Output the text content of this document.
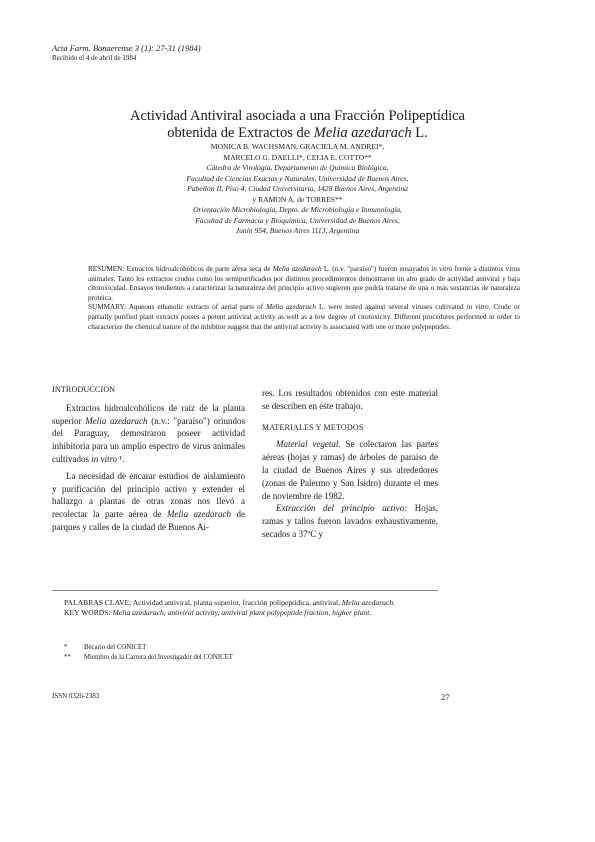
Acta Farm. Bonaerense 3 (1): 27-31 (1984)
Recibido el 4 de abril de 1984
Actividad Antiviral asociada a una Fracción Polipeptídica
obtenida de Extractos de Melia azedarach L.
MONICA B. WACHSMAN, GRACIELA M. ANDREI*,
MARCELO G. DAELLI*, CELIA E. COTTO**
Cátedra de Virología, Departamento de Química Biológica,
Facultad de Ciencias Exactas y Naturales, Universidad de Buenos Aires,
Pabellón II, Piso 4, Ciudad Universitaria, 1428 Buenos Aires, Argentina
y RAMON A. de TORRES**
Orientación Microbiología, Depto. de Microbiología e Inmunología,
Facultad de Farmacia y Bioquímica, Universidad de Buenos Aires,
Junín 954, Buenos Aires 1113, Argentina

RESUMEN: Extractos hidroalcohólicos de parte aérea seca de Melia azedarach L. (n.v. "paraíso") fueron ensayados in vitro frente a distintos virus animales. Tanto los extractos crudos como los semipurificados por distintos procedimientos demostraron un alto grado de actividad antiviral y baja citotoxicidad. Ensayos tendientes a caracterizar la naturaleza del principio activo sugieren que podría tratarse de una o más sustancias de naturaleza proteica.

SUMMARY: Aqueous ethanolic extracts of aerial parts of Melia azedarach L. were tested against several viruses cultivated in vitro. Crude or partially purified plant extracts posses a potent antiviral activity as well as a low degree of citotoxicity. Different procedures performed in order to characterize the chemical nature of the inhibitor suggest that the antiviral activity is associated with one or more polypeptides.

INTRODUCCION

Extractos hidroalcohólicos de raíz de la planta superior Melia azedarach (n.v.: "paraíso") oriundos del Paraguay, demostraron poseer actividad inhibitoria para un amplio espectro de virus animales cultivados in vitro ¹.

La necesidad de encarar estudios de aislamiento y purificación del principio activo y extender el hallazgo a plantas de otras zonas nos llevó a recolectar la parte aérea de Melia azedarach de parques y calles de la ciudad de Buenos Ai-

res. Los resultados obtenidos con este material se describen en este trabajo.

MATERIALES Y METODOS

Material vegetal. Se colectaron las partes aéreas (hojas y ramas) de árboles de paraíso de la ciudad de Buenos Aires y sus alrededores (zonas de Palermo y San Isidro) durante el mes de noviembre de 1982.

Extracción del principio activo: Hojas, ramas y tallos fueron lavados exhaustivamente, secados a 37ºC y

PALABRAS CLAVE: Actividad antiviral, planta superior, fracción polipeptídica, antiviral, Melia azedarach.

KEY WORDS: Melia azedarach, antiviral activity, antiviral plant polypeptide fraction, higher plant.

* Becario del CONICET
** Miembro de la Carrera del Investigador del CONICET
ISSN 0326-2383	27
